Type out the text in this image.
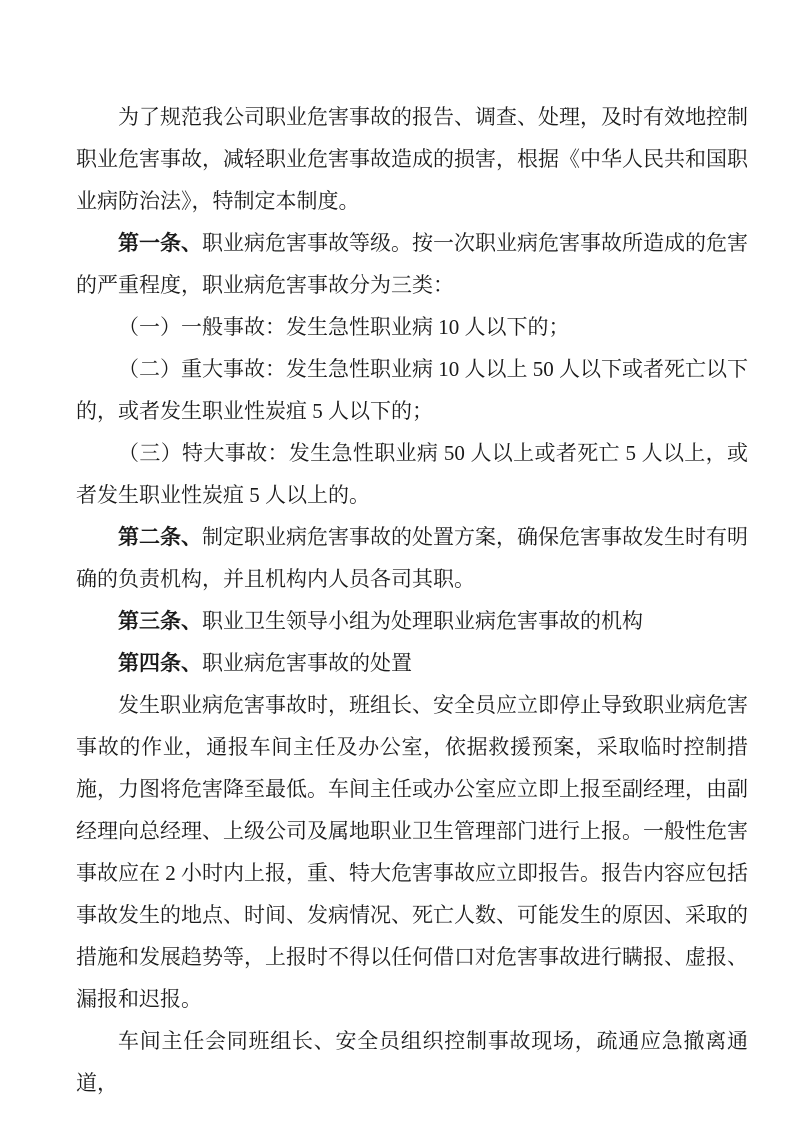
为了规范我公司职业危害事故的报告、调查、处理，及时有效地控制职业危害事故，减轻职业危害事故造成的损害，根据《中华人民共和国职业病防治法》，特制定本制度。

第一条、职业病危害事故等级。按一次职业病危害事故所造成的危害的严重程度，职业病危害事故分为三类：

（一）一般事故：发生急性职业病 10 人以下的；

（二）重大事故：发生急性职业病 10 人以上 50 人以下或者死亡以下的，或者发生职业性炭疽 5 人以下的；

（三）特大事故：发生急性职业病 50 人以上或者死亡 5 人以上，或者发生职业性炭疽 5 人以上的。

第二条、制定职业病危害事故的处置方案，确保危害事故发生时有明确的负责机构，并且机构内人员各司其职。

第三条、职业卫生领导小组为处理职业病危害事故的机构

第四条、职业病危害事故的处置

发生职业病危害事故时，班组长、安全员应立即停止导致职业病危害事故的作业，通报车间主任及办公室，依据救援预案，采取临时控制措施，力图将危害降至最低。车间主任或办公室应立即上报至副经理，由副经理向总经理、上级公司及属地职业卫生管理部门进行上报。一般性危害事故应在 2 小时内上报，重、特大危害事故应立即报告。报告内容应包括事故发生的地点、时间、发病情况、死亡人数、可能发生的原因、采取的措施和发展趋势等，上报时不得以任何借口对危害事故进行瞒报、虚报、漏报和迟报。

车间主任会同班组长、安全员组织控制事故现场，疏通应急撤离通道，
